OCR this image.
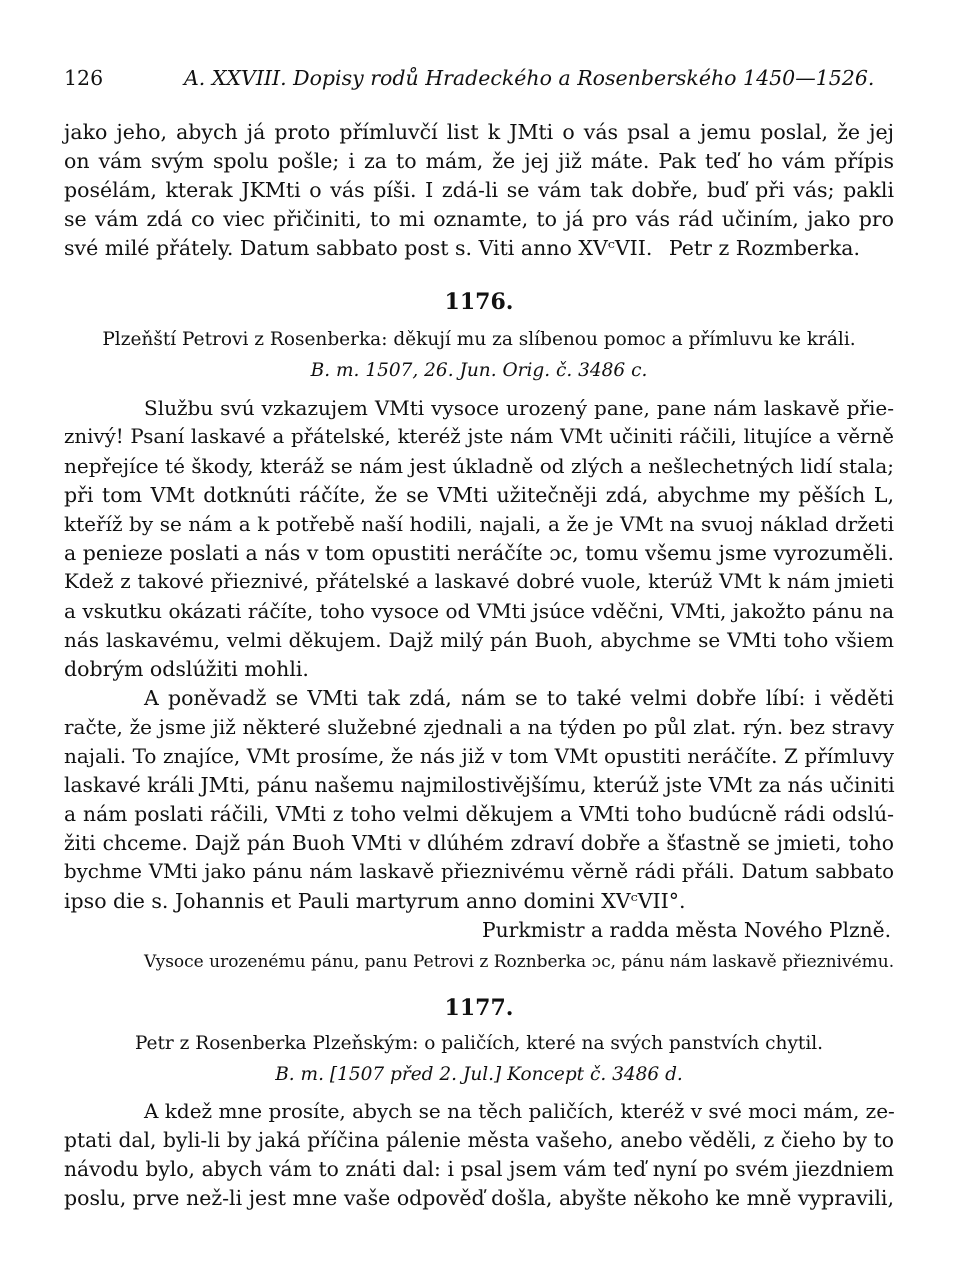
126	A. XXVIII. Dopisy rodů Hradeckého a Rosenberského 1450—1526.
jako jeho, abych já proto přímluvčí list k JMti o vás psal a jemu poslal, že jej
on vám svým spolu pošle; i za to mám, že jej již máte. Pak teď ho vám přípis
posélám, kterak JKMti o vás píši. I zdá-li se vám tak dobře, buď při vás; pakli
se vám zdá co viec přičiniti, to mi oznamte, to já pro vás rád učiním, jako pro
své milé přátely. Datum sabbato post s. Viti anno XVᶜVII. Petr z Rozmberka.
1176.
Plzeňští Petrovi z Rosenberka: děkují mu za slíbenou pomoc a přímluvu ke králi.
B. m. 1507, 26. Jun. Orig. č. 3486 c.
Službu svú vzkazujem VMti vysoce urozený pane, pane nám laskavě přie-
znivý! Psaní laskavé a přátelské, kteréž jste nám VMt učiniti ráčili, litujíce a věrně
nepřejíce té škody, kteráž se nám jest úkladně od zlých a nešlechetných lidí stala;
při tom VMt dotknúti ráčíte, že se VMti užitečněji zdá, abychme my pěších L,
kteříž by se nám a k potřebě naší hodili, najali, a že je VMt na svuoj náklad držeti
a penieze poslati a nás v tom opustiti neráčíte ɔc, tomu všemu jsme vyrozuměli.
Kdež z takové přieznivé, přátelské a laskavé dobré vuole, kterúž VMt k nám jmieti
a vskutku okázati ráčíte, toho vysoce od VMti jsúce vděčni, VMti, jakožto pánu na
nás laskavému, velmi děkujem. Dajž milý pán Buoh, abychme se VMti toho všiem
dobrým odslúžiti mohli.
A poněvadž se VMti tak zdá, nám se to také velmi dobře líbí: i věděti
račte, že jsme již některé služebné zjednali a na týden po půl zlat. rýn. bez stravy
najali. To znajíce, VMt prosíme, že nás již v tom VMt opustiti neráčíte. Z přímluvy
laskavé králi JMti, pánu našemu najmilostivějšímu, kterúž jste VMt za nás učiniti
a nám poslati ráčili, VMti z toho velmi děkujem a VMti toho budúcně rádi odslú-
žiti chceme. Dajž pán Buoh VMti v dlúhém zdraví dobře a šťastně se jmieti, toho
bychme VMti jako pánu nám laskavě přieznivému věrně rádi přáli. Datum sabbato
ipso die s. Johannis et Pauli martyrum anno domini XVᶜVII°.
Purkmistr a radda města Nového Plzně.
Vysoce urozenému pánu, panu Petrovi z Roznberka ɔc, pánu nám laskavě přieznivému.
1177.
Petr z Rosenberka Plzeňským: o paličích, které na svých panstvích chytil.
B. m. [1507 před 2. Jul.] Koncept č. 3486 d.
A kdež mne prosíte, abych se na těch paličích, kteréž v své moci mám, ze-
ptati dal, byli-li by jaká příčina pálenie města vašeho, anebo věděli, z čieho by to
návodu bylo, abych vám to znáti dal: i psal jsem vám teď nyní po svém jiezdniem
poslu, prve než-li jest mne vaše odpověď došla, abyšte někoho ke mně vypravili,
